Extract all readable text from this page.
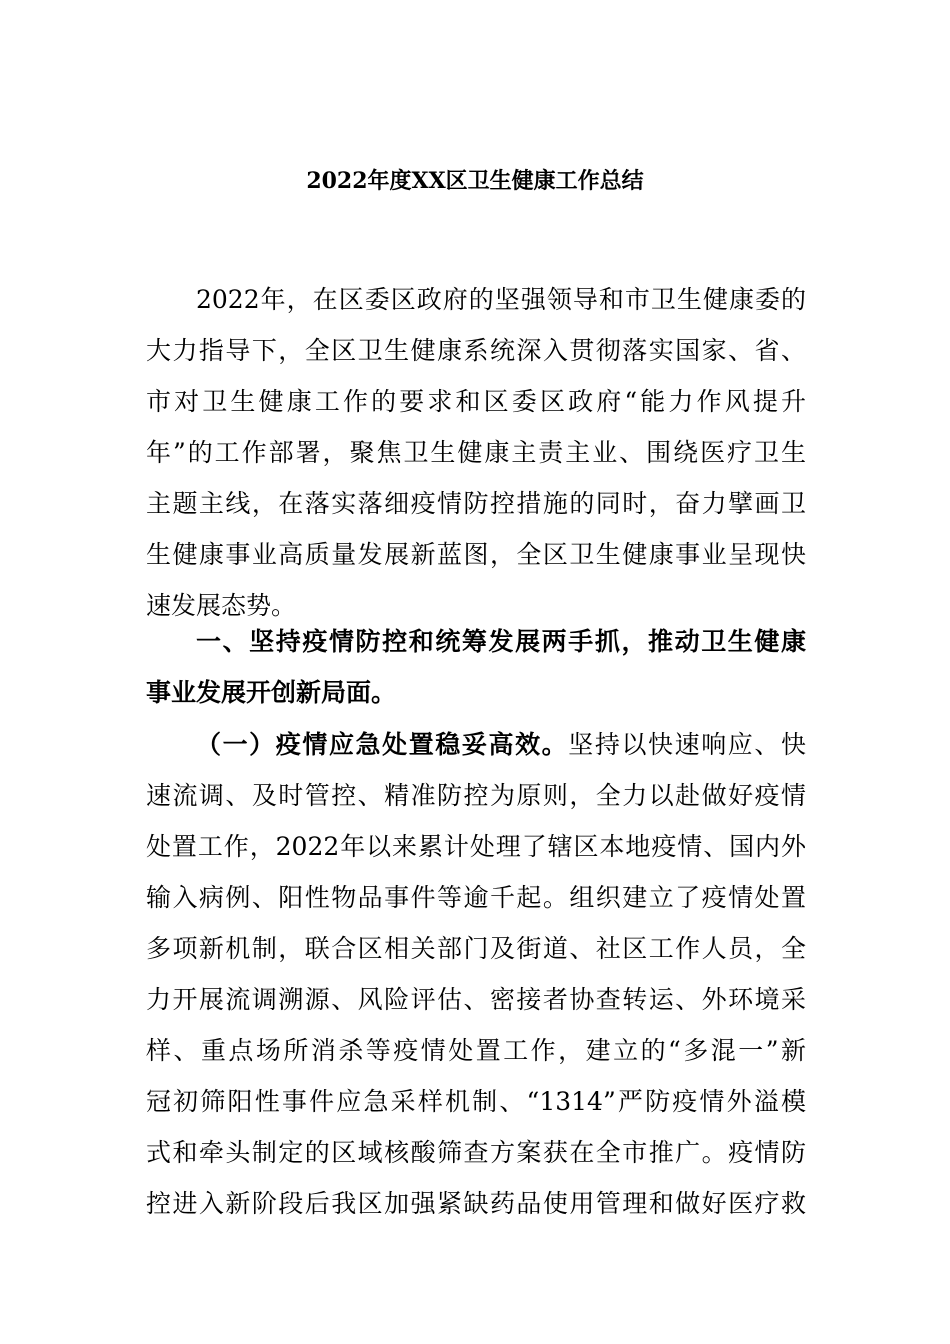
2022年度XX区卫生健康工作总结
2022年，在区委区政府的坚强领导和市卫生健康委的
大力指导下，全区卫生健康系统深入贯彻落实国家、省、
市对卫生健康工作的要求和区委区政府“能力作风提升
年”的工作部署，聚焦卫生健康主责主业、围绕医疗卫生
主题主线，在落实落细疫情防控措施的同时，奋力擘画卫
生健康事业高质量发展新蓝图，全区卫生健康事业呈现快
速发展态势。
一、坚持疫情防控和统筹发展两手抓，推动卫生健康
事业发展开创新局面。
（一）疫情应急处置稳妥高效。坚持以快速响应、快
速流调、及时管控、精准防控为原则，全力以赴做好疫情
处置工作，2022年以来累计处理了辖区本地疫情、国内外
输入病例、阳性物品事件等逾千起。组织建立了疫情处置
多项新机制，联合区相关部门及街道、社区工作人员，全
力开展流调溯源、风险评估、密接者协查转运、外环境采
样、重点场所消杀等疫情处置工作，建立的“多混一”新
冠初筛阳性事件应急采样机制、“1314”严防疫情外溢模
式和牵头制定的区域核酸筛查方案获在全市推广。疫情防
控进入新阶段后我区加强紧缺药品使用管理和做好医疗救
